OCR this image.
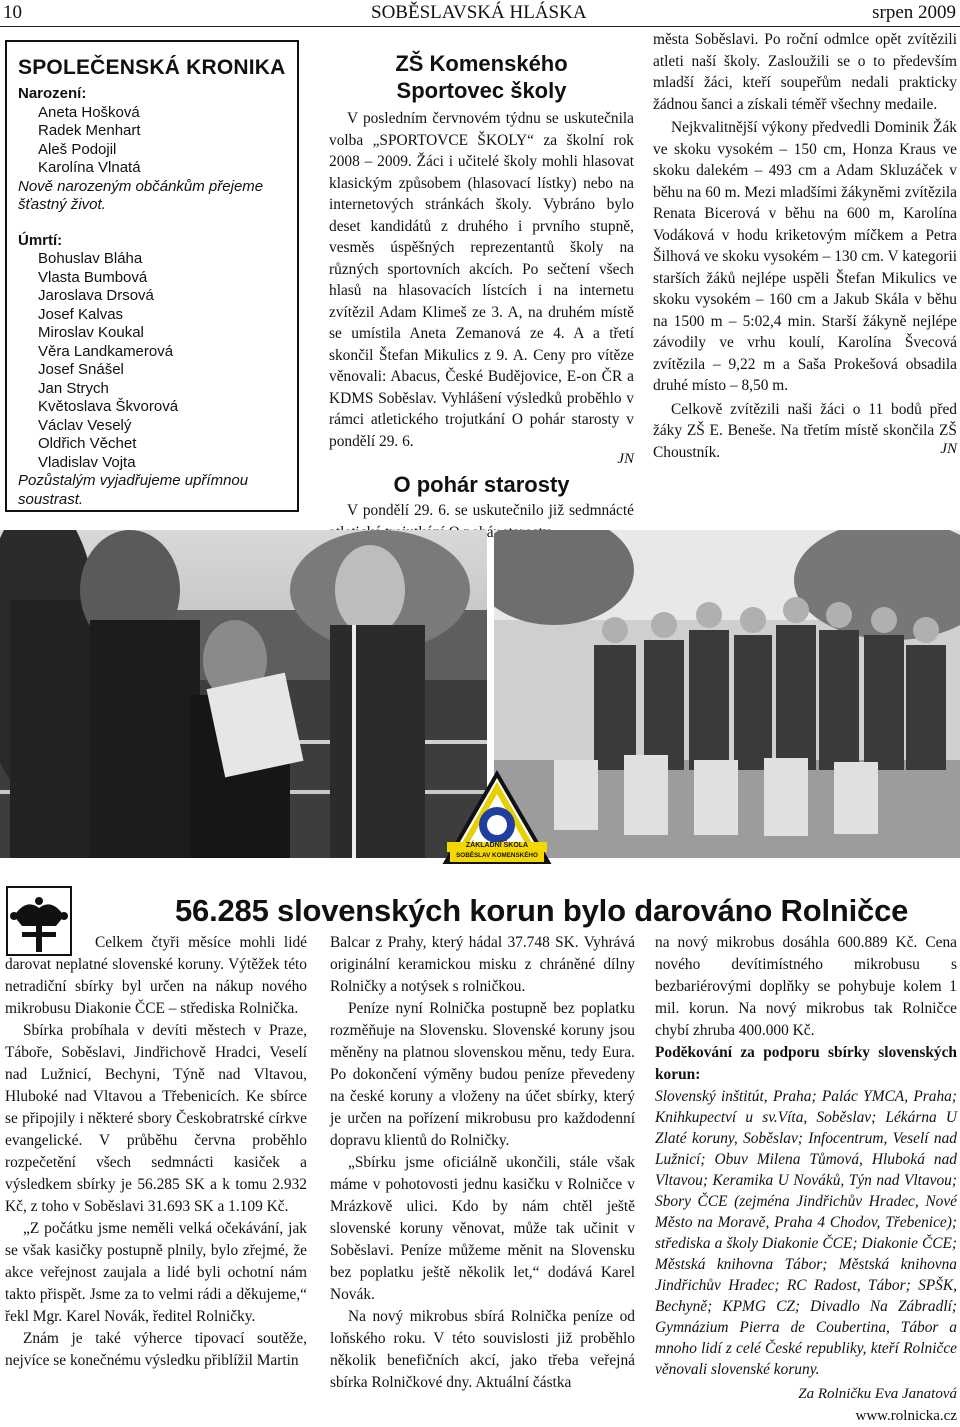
10	SOBĚSLAVSKÁ HLÁSKA	srpen 2009
SPOLEČENSKÁ KRONIKA
Narození:
Aneta Hošková
Radek Menhart
Aleš Podojil
Karolína Vlnatá
Nově narozeným občánkům přejeme
šťastný život.
Úmrtí:
Bohuslav Bláha
Vlasta Bumbová
Jaroslava Drsová
Josef Kalvas
Miroslav Koukal
Věra Landkamerová
Josef Snášel
Jan Strych
Květoslava Škvorová
Václav Veselý
Oldřich Věchet
Vladislav Vojta
Pozůstalým vyjadřujeme upřímnou
soustrast.
ZŠ Komenského
Sportovec školy

V posledním červnovém týdnu se uskutečnila volba „SPORTOVCE ŠKOLY“ za školní rok 2008 – 2009. Žáci i učitelé školy mohli hlasovat klasickým způsobem (hlasovací lístky) nebo na internetových stránkách školy. Vybráno bylo deset kandidátů z druhého i prvního stupně, vesměs úspěšných reprezentantů školy na různých sportovních akcích. Po sečtení všech hlasů na hlasovacích lístcích i na internetu zvítězil Adam Klimeš ze 3. A, na druhém místě se umístila Aneta Zemanová ze 4. A a třetí skončil Štefan Mikulics z 9. A. Ceny pro vítěze věnovali: Abacus, České Budějovice, E-on ČR a KDMS Soběslav. Vyhlášení výsledků proběhlo v rámci atletického trojutkání O pohár starosty v pondělí 29. 6.

JN
O pohár starosty

V pondělí 29. 6. se uskutečnilo již sedmnácté

města Soběslavi. Po roční odmlce opět zvítězili atleti naší školy. Zasloužili se o to především mladší žáci, kteří soupeřům nedali prakticky žádnou šanci a získali téměř všechny medaile.

Nejkvalitnější výkony předvedli Dominik Žák ve skoku vysokém – 150 cm, Honza Kraus ve skoku dalekém – 493 cm a Adam Skluzáček v běhu na 60 m. Mezi mladšími žákyněmi zvítězila Renata Bicerová v běhu na 600 m, Karolína Vodáková v hodu kriketovým míčkem a Petra Šilhová ve skoku vysokém – 130 cm. V kategorii starších žáků nejlépe uspěli Štefan Mikulics ve skoku vysokém – 160 cm a Jakub Skála v běhu na 1500 m – 5:02,4 min. Starší žákyně nejlépe závodily ve vrhu koulí, Karolína Švecová zvítězila – 9,22 m a Saša Prokešová obsadila druhé místo – 8,50 m.

Celkově zvítězili naši žáci o 11 bodů před žáky ZŠ E. Beneše. Na třetím místě skončila ZŠ Choustník.	JN
ZÁKLADNÍ ŠKOLA
SOBĚSLAV KOMENSKÉHO
56.285 slovenských korun bylo darováno Rolničce

Celkem čtyři měsíce mohli lidé darovat neplatné slovenské koruny. Výtěžek této netradiční sbírky byl určen na nákup nového mikrobusu Diakonie ČCE – střediska Rolnička.

Sbírka probíhala v devíti městech v Praze, Táboře, Soběslavi, Jindřichově Hradci, Veselí nad Lužnicí, Bechyni, Týně nad Vltavou, Hluboké nad Vltavou a Třebenicích. Ke sbírce se připojily i některé sbory Českobratrské církve evangelické. V průběhu června proběhlo rozpečetění všech sedmnácti kasiček a výsledkem sbírky je 56.285 SK a k tomu 2.932 Kč, z toho v Soběslavi 31.693 SK a 1.109 Kč.

„Z počátku jsme neměli velká očekávání, jak se však kasičky postupně plnily, bylo zřejmé, že akce veřejnost zaujala a lidé byli ochotní nám takto přispět. Jsme za to velmi rádi a děkujeme,“ řekl Mgr. Karel Novák, ředitel Rolničky.

Znám je také výherce tipovací soutěže, nejvíce se konečnému výsledku přiblížil Martin

Balcar z Prahy, který hádal 37.748 SK. Vyhrává originální keramickou misku z chráněné dílny Rolničky a notýsek s rolničkou.

Peníze nyní Rolnička postupně bez poplatku rozměňuje na Slovensku. Slovenské koruny jsou měněny na platnou slovenskou měnu, tedy Eura. Po dokončení výměny budou peníze převedeny na české koruny a vloženy na účet sbírky, který je určen na pořízení mikrobusu pro každodenní dopravu klientů do Rolničky.

„Sbírku jsme oficiálně ukončili, stále však máme v pohotovosti jednu kasičku v Rolničce v Mrázkově ulici. Kdo by nám chtěl ještě slovenské koruny věnovat, může tak učinit v Soběslavi. Peníze můžeme měnit na Slovensku bez poplatku ještě několik let,“ dodává Karel Novák.

Na nový mikrobus sbírá Rolnička peníze od loňského roku. V této souvislosti již proběhlo několik benefičních akcí, jako třeba veřejná sbírka Rolničkové dny. Aktuální částka

na nový mikrobus dosáhla 600.889 Kč. Cena nového devítimístného mikrobusu s bezbariérovými doplňky se pohybuje kolem 1 mil. korun. Na nový mikrobus tak Rolničce chybí zhruba 400.000 Kč.

Poděkování za podporu sbírky slovenských korun:

Slovenský inštitút, Praha; Palác YMCA, Praha; Knihkupectví u sv.Víta, Soběslav; Lékárna U Zlaté koruny, Soběslav; Infocentrum, Veselí nad Lužnicí; Obuv Milena Tůmová, Hluboká nad Vltavou; Keramika U Nováků, Týn nad Vltavou; Sbory ČCE (zejména Jindřichův Hradec, Nové Město na Moravě, Praha 4 Chodov, Třebenice); střediska a školy Diakonie ČCE; Diakonie ČCE; Městská knihovna Tábor; Městská knihovna Jindřichův Hradec; RC Radost, Tábor; SPŠK, Bechyně; KPMG CZ; Divadlo Na Zábradlí; Gymnázium Pierra de Coubertina, Tábor a mnoho lidí z celé České republiky, kteří Rolničce věnovali slovenské koruny.

Za Rolničku Eva Janatová
www.rolnicka.cz
